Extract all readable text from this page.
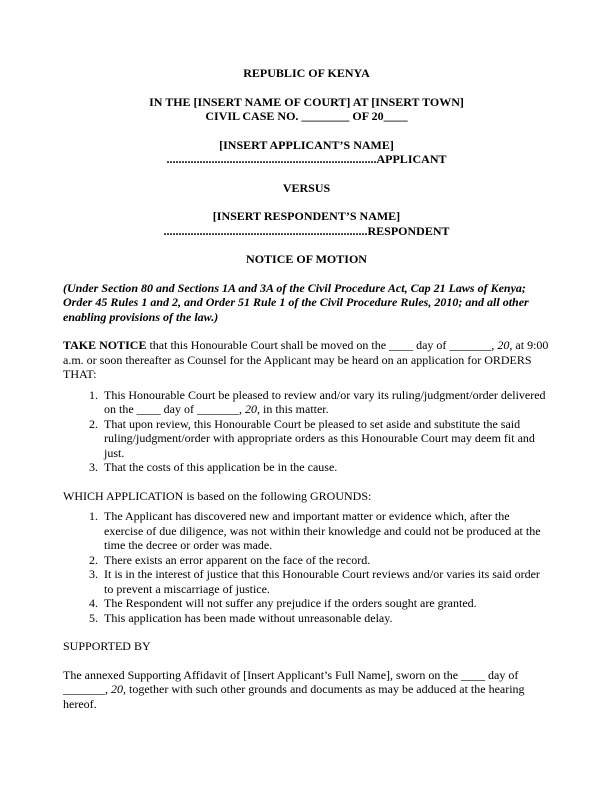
REPUBLIC OF KENYA

IN THE [INSERT NAME OF COURT] AT [INSERT TOWN]

CIVIL CASE NO. ________ OF 20____

[INSERT APPLICANT’S NAME]

......................................................................APPLICANT

VERSUS

[INSERT RESPONDENT’S NAME]

....................................................................RESPONDENT

NOTICE OF MOTION

(Under Section 80 and Sections 1A and 3A of the Civil Procedure Act, Cap 21 Laws of Kenya; Order 45 Rules 1 and 2, and Order 51 Rule 1 of the Civil Procedure Rules, 2010; and all other enabling provisions of the law.)

TAKE NOTICE that this Honourable Court shall be moved on the ____ day of _______, 20, at 9:00 a.m. or soon thereafter as Counsel for the Applicant may be heard on an application for ORDERS THAT:

1. This Honourable Court be pleased to review and/or vary its ruling/judgment/order delivered on the ____ day of _______, 20, in this matter.
2. That upon review, this Honourable Court be pleased to set aside and substitute the said ruling/judgment/order with appropriate orders as this Honourable Court may deem fit and just.
3. That the costs of this application be in the cause.

WHICH APPLICATION is based on the following GROUNDS:

1. The Applicant has discovered new and important matter or evidence which, after the exercise of due diligence, was not within their knowledge and could not be produced at the time the decree or order was made.
2. There exists an error apparent on the face of the record.
3. It is in the interest of justice that this Honourable Court reviews and/or varies its said order to prevent a miscarriage of justice.
4. The Respondent will not suffer any prejudice if the orders sought are granted.
5. This application has been made without unreasonable delay.

SUPPORTED BY

The annexed Supporting Affidavit of [Insert Applicant’s Full Name], sworn on the ____ day of _______, 20, together with such other grounds and documents as may be adduced at the hearing hereof.
